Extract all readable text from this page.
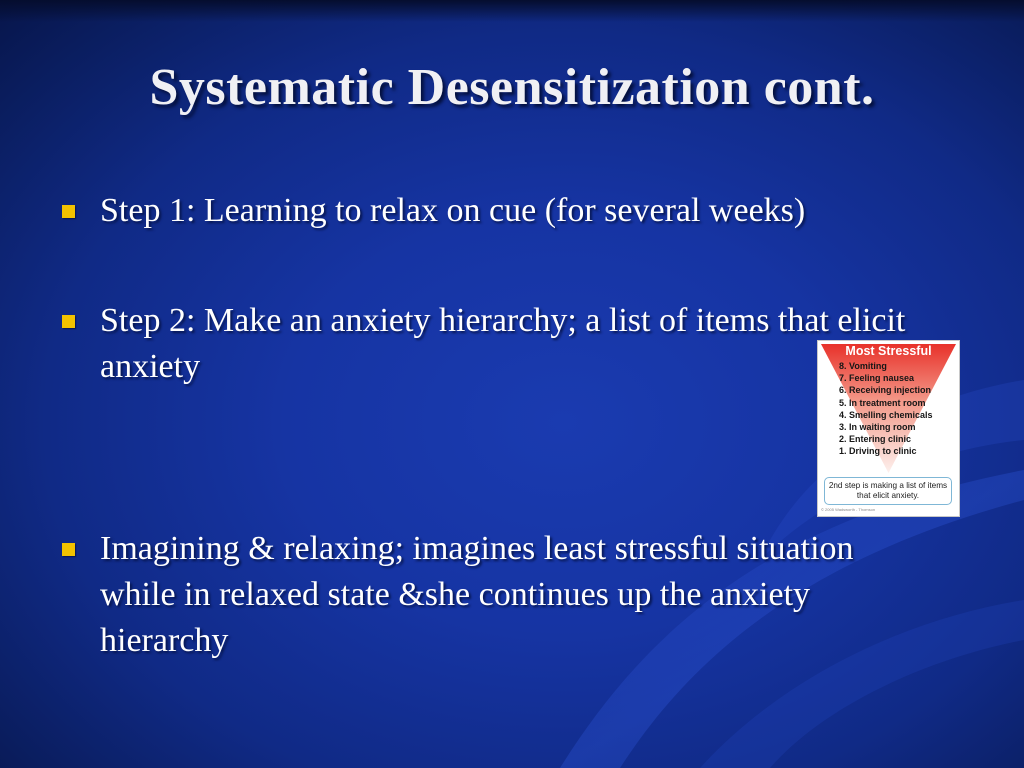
Systematic Desensitization cont.
Step 1: Learning to relax on cue (for several weeks)
Step 2: Make an anxiety hierarchy; a list of items that elicit anxiety
Imagining & relaxing; imagines least stressful situation while in relaxed state &she continues up the anxiety hierarchy
Most Stressful
8. Vomiting
7. Feeling nausea
6. Receiving injection
5. In treatment room
4. Smelling chemicals
3. In waiting room
2. Entering clinic
1. Driving to clinic
2nd step is making a list of items that elicit anxiety.
© 2005 Wadsworth - Thomson
